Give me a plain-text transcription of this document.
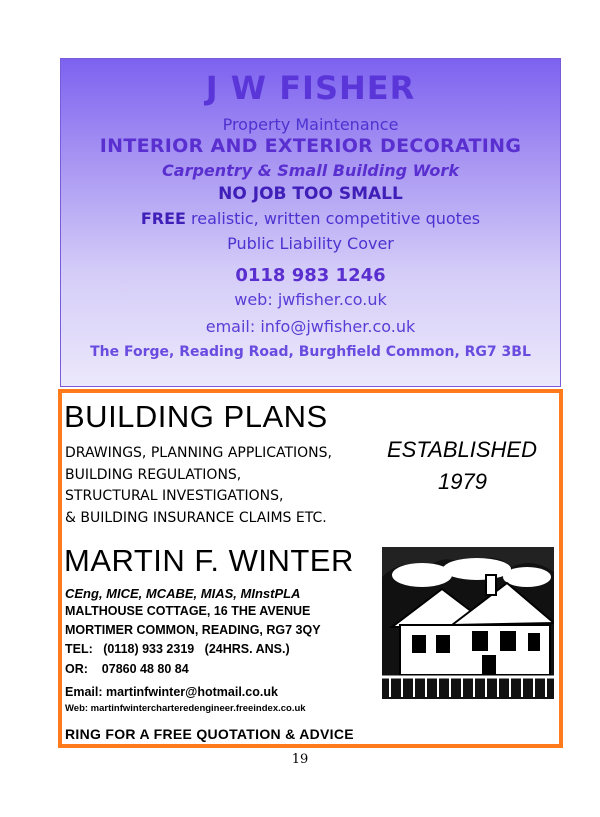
J W FISHER
Property Maintenance
INTERIOR AND EXTERIOR DECORATING
Carpentry & Small Building Work
NO JOB TOO SMALL
FREE realistic, written competitive quotes
Public Liability Cover
0118 983 1246
web: jwfisher.co.uk
email: info@jwfisher.co.uk
The Forge, Reading Road, Burghfield Common, RG7 3BL
BUILDING PLANS
DRAWINGS, PLANNING APPLICATIONS,
BUILDING REGULATIONS,
STRUCTURAL INVESTIGATIONS,
& BUILDING INSURANCE CLAIMS ETC.
ESTABLISHED
1979
MARTIN F. WINTER
CEng, MICE, MCABE, MIAS, MInstPLA
MALTHOUSE COTTAGE, 16 THE AVENUE
MORTIMER COMMON, READING, RG7 3QY
TEL:   (0118) 933 2319   (24HRS. ANS.)
OR:    07860 48 80 84
Email: martinfwinter@hotmail.co.uk
Web: martinfwintercharteredengineer.freeindex.co.uk
RING FOR A FREE QUOTATION & ADVICE
19
